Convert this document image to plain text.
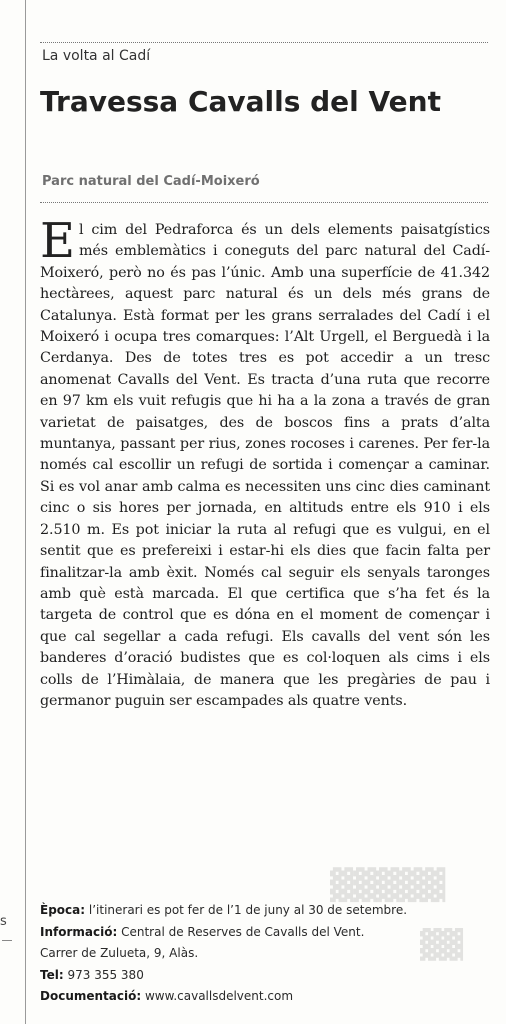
s
▓▓▓▓▓
▓▓
La volta al Cadí
Travessa Cavalls del Vent
Parc natural del Cadí-Moixeró
E l cim del Pedraforca és un dels elements paisatgístics més emblemàtics i coneguts del parc natural del Cadí-Moixeró, però no és pas l’únic. Amb una superfície de 41.342 hectàrees, aquest parc natural és un dels més grans de Catalunya. Està format per les grans serralades del Cadí i el Moixeró i ocupa tres comarques: l’Alt Urgell, el Berguedà i la Cerdanya. Des de totes tres es pot accedir a un tresc anomenat Cavalls del Vent. Es tracta d’una ruta que recorre en 97 km els vuit refugis que hi ha a la zona a través de gran varietat de paisatges, des de boscos fins a prats d’alta muntanya, passant per rius, zones rocoses i carenes. Per fer-la només cal escollir un refugi de sortida i començar a caminar. Si es vol anar amb calma es necessiten uns cinc dies caminant cinc o sis hores per jornada, en altituds entre els 910 i els 2.510 m. Es pot iniciar la ruta al refugi que es vulgui, en el sentit que es prefereixi i estar-hi els dies que facin falta per finalitzar-la amb èxit. Només cal seguir els senyals taronges amb què està marcada. El que certifica que s’ha fet és la targeta de control que es dóna en el moment de començar i que cal segellar a cada refugi. Els cavalls del vent són les banderes d’oració budistes que es col·loquen als cims i els colls de l’Himàlaia, de manera que les pregàries de pau i germanor puguin ser escampades als quatre vents.
Època: l’itinerari es pot fer de l’1 de juny al 30 de setembre.
Informació: Central de Reserves de Cavalls del Vent.
Carrer de Zulueta, 9, Alàs.
Tel: 973 355 380
Documentació: www.cavallsdelvent.com
